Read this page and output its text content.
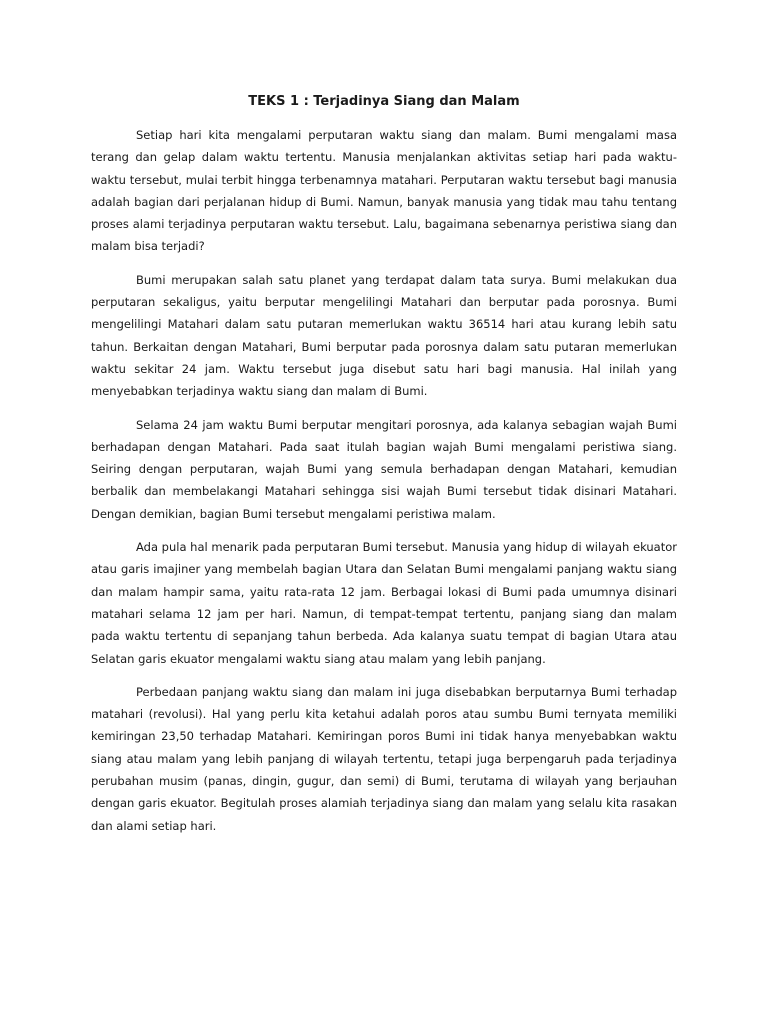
TEKS 1 : Terjadinya Siang dan Malam

Setiap hari kita mengalami perputaran waktu siang dan malam. Bumi mengalami masa terang dan gelap dalam waktu tertentu. Manusia menjalankan aktivitas setiap hari pada waktu-waktu tersebut, mulai terbit hingga terbenamnya matahari. Perputaran waktu tersebut bagi manusia adalah bagian dari perjalanan hidup di Bumi. Namun, banyak manusia yang tidak mau tahu tentang proses alami terjadinya perputaran waktu tersebut. Lalu, bagaimana sebenarnya peristiwa siang dan malam bisa terjadi?

Bumi merupakan salah satu planet yang terdapat dalam tata surya. Bumi melakukan dua perputaran sekaligus, yaitu berputar mengelilingi Matahari dan berputar pada porosnya. Bumi mengelilingi Matahari dalam satu putaran memerlukan waktu 36514 hari atau kurang lebih satu tahun. Berkaitan dengan Matahari, Bumi berputar pada porosnya dalam satu putaran memerlukan waktu sekitar 24 jam. Waktu tersebut juga disebut satu hari bagi manusia. Hal inilah yang menyebabkan terjadinya waktu siang dan malam di Bumi.

Selama 24 jam waktu Bumi berputar mengitari porosnya, ada kalanya sebagian wajah Bumi berhadapan dengan Matahari. Pada saat itulah bagian wajah Bumi mengalami peristiwa siang. Seiring dengan perputaran, wajah Bumi yang semula berhadapan dengan Matahari, kemudian berbalik dan membelakangi Matahari sehingga sisi wajah Bumi tersebut tidak disinari Matahari. Dengan demikian, bagian Bumi tersebut mengalami peristiwa malam.

Ada pula hal menarik pada perputaran Bumi tersebut. Manusia yang hidup di wilayah ekuator atau garis imajiner yang membelah bagian Utara dan Selatan Bumi mengalami panjang waktu siang dan malam hampir sama, yaitu rata-rata 12 jam. Berbagai lokasi di Bumi pada umumnya disinari matahari selama 12 jam per hari. Namun, di tempat-tempat tertentu, panjang siang dan malam pada waktu tertentu di sepanjang tahun berbeda. Ada kalanya suatu tempat di bagian Utara atau Selatan garis ekuator mengalami waktu siang atau malam yang lebih panjang.

Perbedaan panjang waktu siang dan malam ini juga disebabkan berputarnya Bumi terhadap matahari (revolusi). Hal yang perlu kita ketahui adalah poros atau sumbu Bumi ternyata memiliki kemiringan 23,50 terhadap Matahari. Kemiringan poros Bumi ini tidak hanya menyebabkan waktu siang atau malam yang lebih panjang di wilayah tertentu, tetapi juga berpengaruh pada terjadinya perubahan musim (panas, dingin, gugur, dan semi) di Bumi, terutama di wilayah yang berjauhan dengan garis ekuator. Begitulah proses alamiah terjadinya siang dan malam yang selalu kita rasakan dan alami setiap hari.
